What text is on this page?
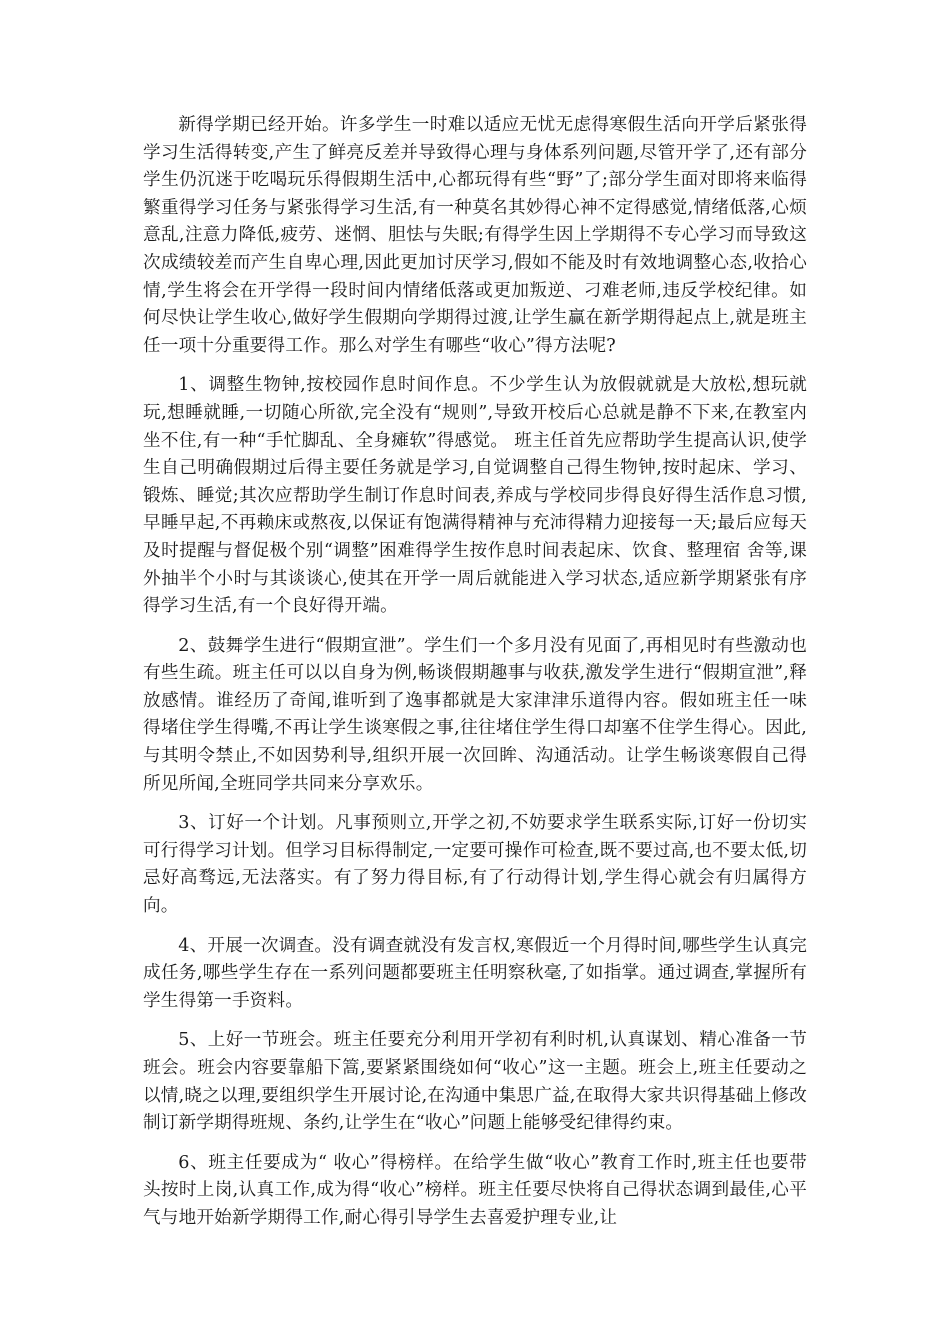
新得学期已经开始。许多学生一时难以适应无忧无虑得寒假生活向开学后紧张得学习生活得转变,产生了鲜亮反差并导致得心理与身体系列问题,尽管开学了,还有部分学生仍沉迷于吃喝玩乐得假期生活中,心都玩得有些“野”了;部分学生面对即将来临得繁重得学习任务与紧张得学习生活,有一种莫名其妙得心神不定得感觉,情绪低落,心烦意乱,注意力降低,疲劳、迷惘、胆怯与失眠;有得学生因上学期得不专心学习而导致这次成绩较差而产生自卑心理,因此更加讨厌学习,假如不能及时有效地调整心态,收拾心情,学生将会在开学得一段时间内情绪低落或更加叛逆、刁难老师,违反学校纪律。如何尽快让学生收心,做好学生假期向学期得过渡,让学生赢在新学期得起点上,就是班主任一项十分重要得工作。那么对学生有哪些“收心”得方法呢?

1、调整生物钟,按校园作息时间作息。不少学生认为放假就就是大放松,想玩就玩,想睡就睡,一切随心所欲,完全没有“规则”,导致开校后心总就是静不下来,在教室内坐不住,有一种“手忙脚乱、全身瘫软”得感觉。 班主任首先应帮助学生提高认识,使学生自己明确假期过后得主要任务就是学习,自觉调整自己得生物钟,按时起床、学习、锻炼、睡觉;其次应帮助学生制订作息时间表,养成与学校同步得良好得生活作息习惯,早睡早起,不再赖床或熬夜,以保证有饱满得精神与充沛得精力迎接每一天;最后应每天及时提醒与督促极个别“调整”困难得学生按作息时间表起床、饮食、整理宿 舍等,课外抽半个小时与其谈谈心,使其在开学一周后就能进入学习状态,适应新学期紧张有序得学习生活,有一个良好得开端。

2、鼓舞学生进行“假期宣泄”。学生们一个多月没有见面了,再相见时有些激动也有些生疏。班主任可以以自身为例,畅谈假期趣事与收获,激发学生进行“假期宣泄”,释放感情。谁经历了奇闻,谁听到了逸事都就是大家津津乐道得内容。假如班主任一味得堵住学生得嘴,不再让学生谈寒假之事,往往堵住学生得口却塞不住学生得心。因此,与其明令禁止,不如因势利导,组织开展一次回眸、沟通活动。让学生畅谈寒假自己得所见所闻,全班同学共同来分享欢乐。

3、订好一个计划。凡事预则立,开学之初,不妨要求学生联系实际,订好一份切实可行得学习计划。但学习目标得制定,一定要可操作可检查,既不要过高,也不要太低,切忌好高骛远,无法落实。有了努力得目标,有了行动得计划,学生得心就会有归属得方向。

4、开展一次调查。没有调查就没有发言权,寒假近一个月得时间,哪些学生认真完成任务,哪些学生存在一系列问题都要班主任明察秋毫,了如指掌。通过调查,掌握所有学生得第一手资料。

5、上好一节班会。班主任要充分利用开学初有利时机,认真谋划、精心准备一节班会。班会内容要靠船下篙,要紧紧围绕如何“收心”这一主题。班会上,班主任要动之以情,晓之以理,要组织学生开展讨论,在沟通中集思广益,在取得大家共识得基础上修改制订新学期得班规、条约,让学生在“收心”问题上能够受纪律得约束。

6、班主任要成为“ 收心”得榜样。在给学生做“收心”教育工作时,班主任也要带头按时上岗,认真工作,成为得“收心”榜样。班主任要尽快将自己得状态调到最佳,心平气与地开始新学期得工作,耐心得引导学生去喜爱护理专业,让
